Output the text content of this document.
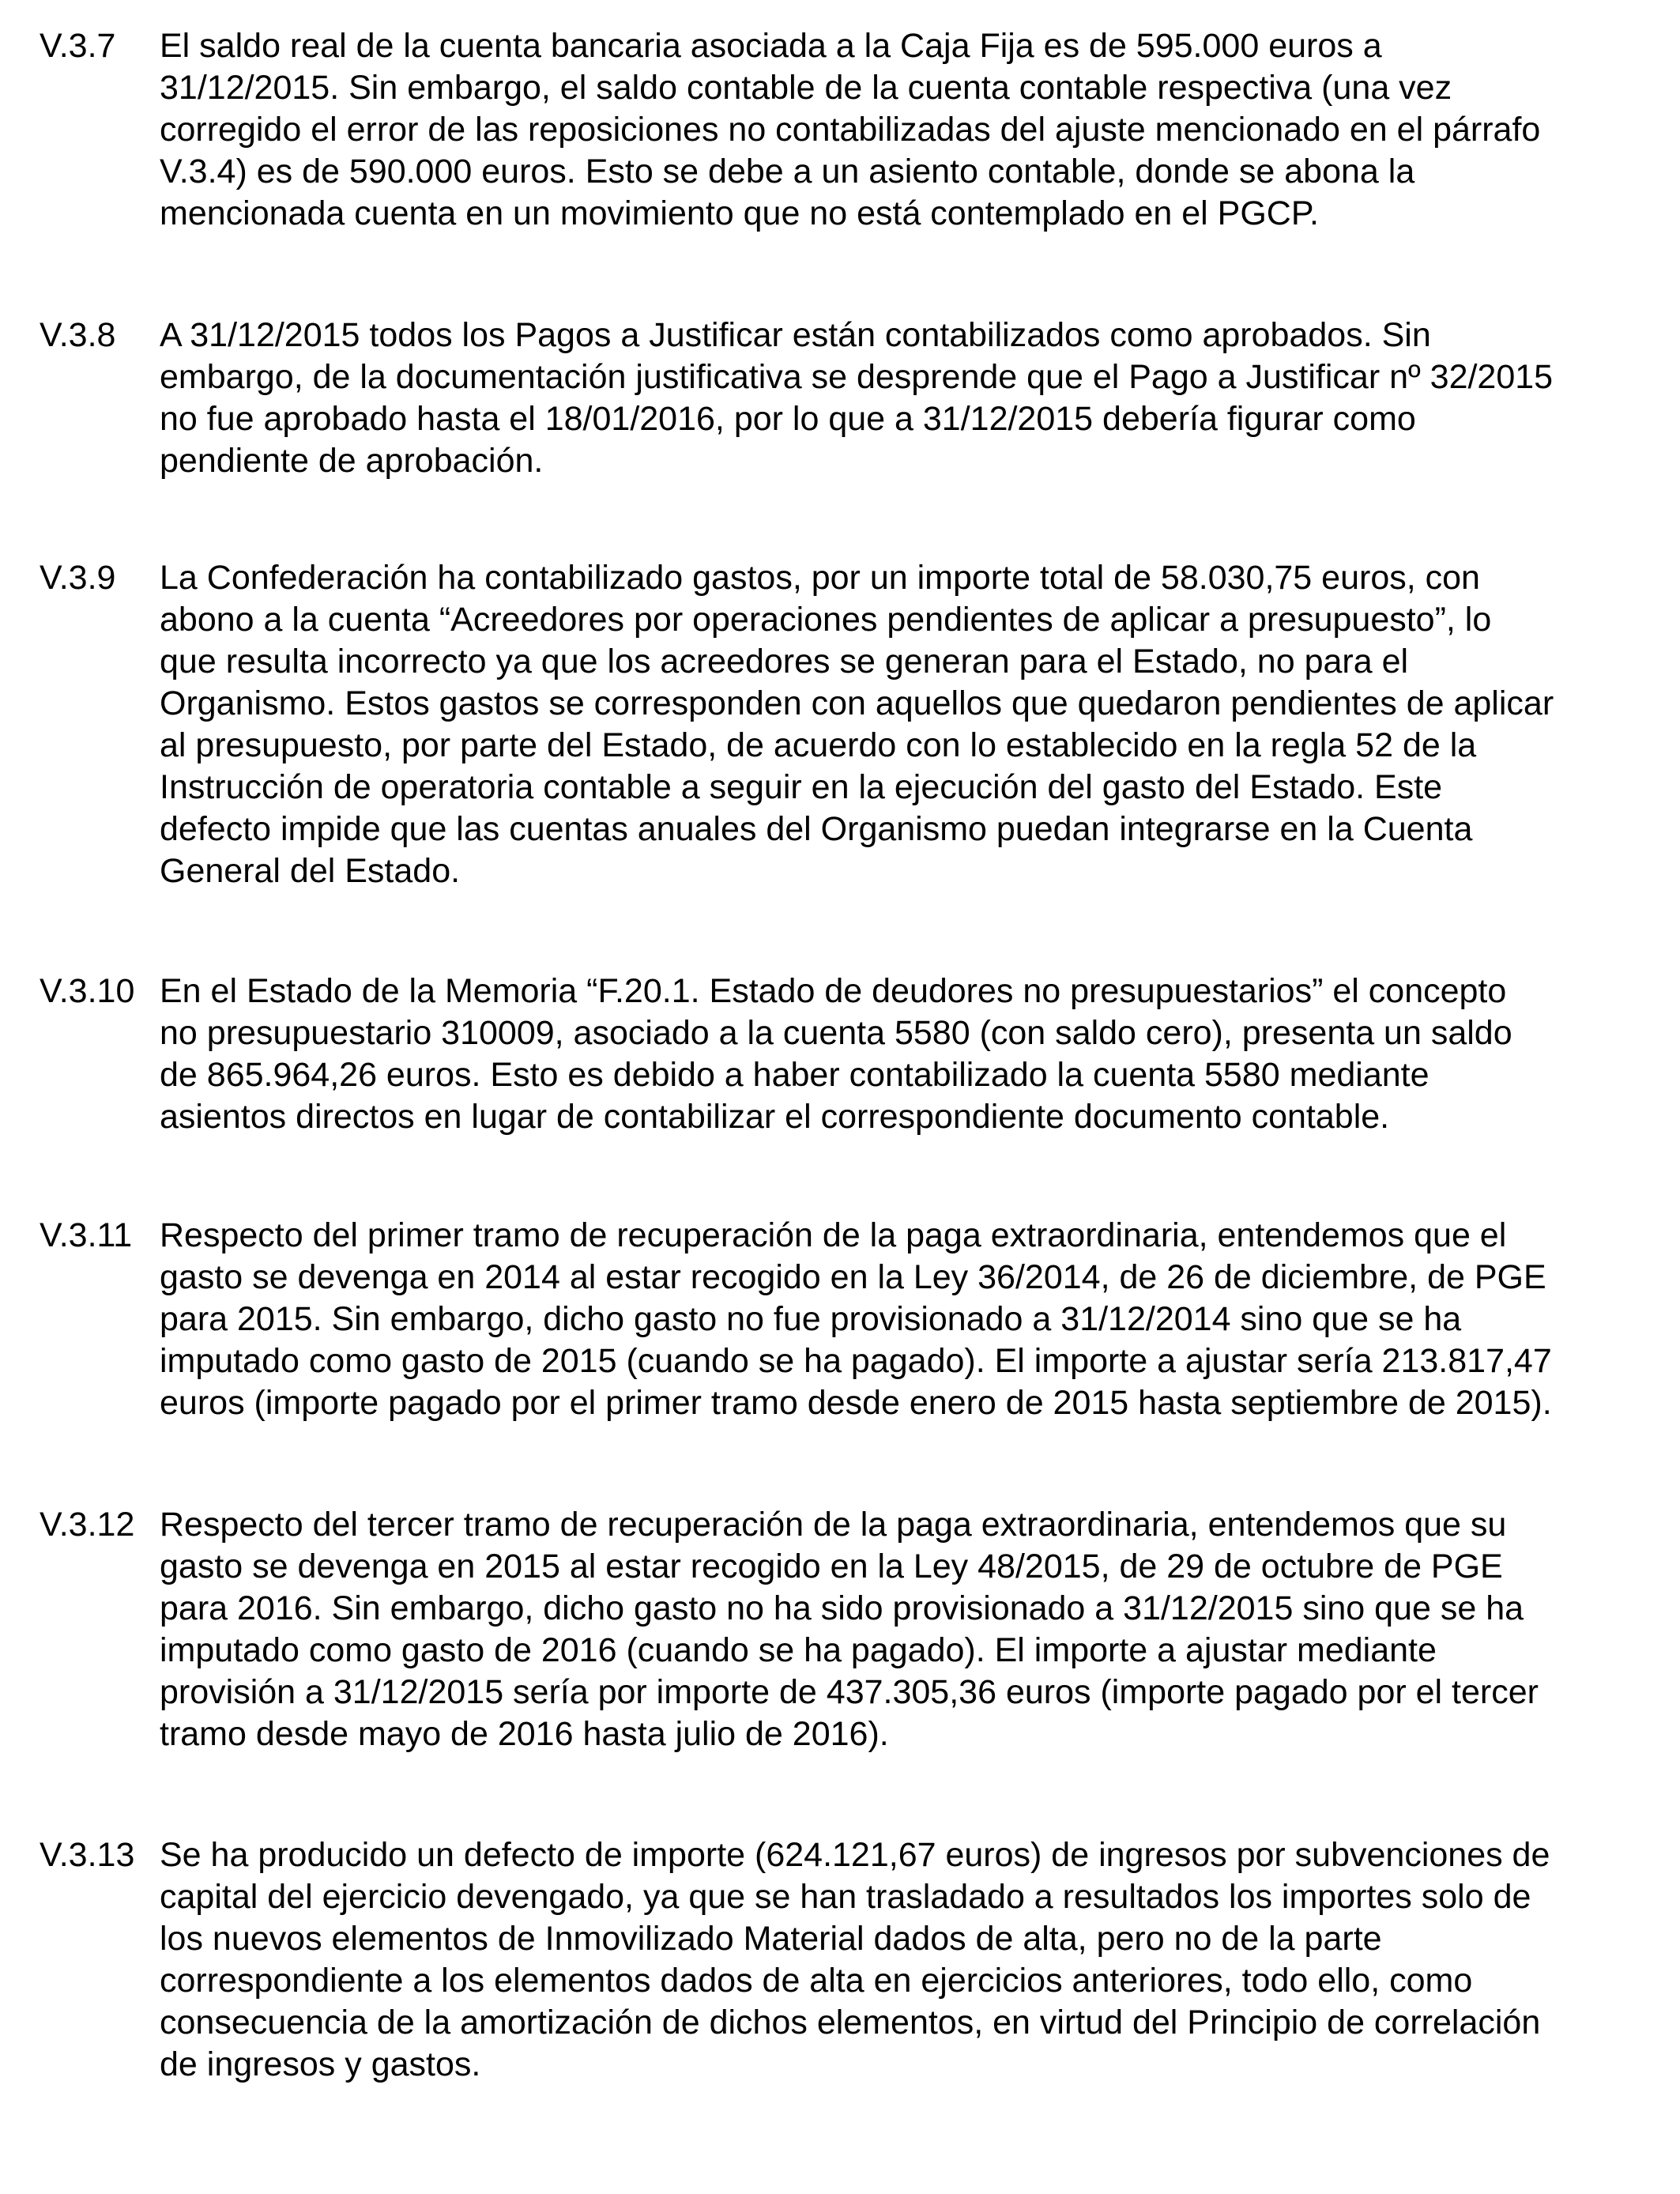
V.3.7	El saldo real de la cuenta bancaria asociada a la Caja Fija es de 595.000 euros a
31/12/2015. Sin embargo, el saldo contable de la cuenta contable respectiva (una vez
corregido el error de las reposiciones no contabilizadas del ajuste mencionado en el párrafo
V.3.4) es de 590.000 euros. Esto se debe a un asiento contable, donde se abona la
mencionada cuenta en un movimiento que no está contemplado en el PGCP.
V.3.8	A 31/12/2015 todos los Pagos a Justificar están contabilizados como aprobados. Sin
embargo, de la documentación justificativa se desprende que el Pago a Justificar nº 32/2015
no fue aprobado hasta el 18/01/2016, por lo que a 31/12/2015 debería figurar como
pendiente de aprobación.
V.3.9	La Confederación ha contabilizado gastos, por un importe total de 58.030,75 euros, con
abono a la cuenta “Acreedores por operaciones pendientes de aplicar a presupuesto”, lo
que resulta incorrecto ya que los acreedores se generan para el Estado, no para el
Organismo. Estos gastos se corresponden con aquellos que quedaron pendientes de aplicar
al presupuesto, por parte del Estado, de acuerdo con lo establecido en la regla 52 de la
Instrucción de operatoria contable a seguir en la ejecución del gasto del Estado. Este
defecto impide que las cuentas anuales del Organismo puedan integrarse en la Cuenta
General del Estado.
V.3.10 En el Estado de la Memoria “F.20.1. Estado de deudores no presupuestarios” el concepto
no presupuestario 310009, asociado a la cuenta 5580 (con saldo cero), presenta un saldo
de 865.964,26 euros. Esto es debido a haber contabilizado la cuenta 5580 mediante
asientos directos en lugar de contabilizar el correspondiente documento contable.
V.3.11 Respecto del primer tramo de recuperación de la paga extraordinaria, entendemos que el
gasto se devenga en 2014 al estar recogido en la Ley 36/2014, de 26 de diciembre, de PGE
para 2015. Sin embargo, dicho gasto no fue provisionado a 31/12/2014 sino que se ha
imputado como gasto de 2015 (cuando se ha pagado). El importe a ajustar sería 213.817,47
euros (importe pagado por el primer tramo desde enero de 2015 hasta septiembre de 2015).
V.3.12 Respecto del tercer tramo de recuperación de la paga extraordinaria, entendemos que su
gasto se devenga en 2015 al estar recogido en la Ley 48/2015, de 29 de octubre de PGE
para 2016. Sin embargo, dicho gasto no ha sido provisionado a 31/12/2015 sino que se ha
imputado como gasto de 2016 (cuando se ha pagado). El importe a ajustar mediante
provisión a 31/12/2015 sería por importe de 437.305,36 euros (importe pagado por el tercer
tramo desde mayo de 2016 hasta julio de 2016).
V.3.13 Se ha producido un defecto de importe (624.121,67 euros) de ingresos por subvenciones de
capital del ejercicio devengado, ya que se han trasladado a resultados los importes solo de
los nuevos elementos de Inmovilizado Material dados de alta, pero no de la parte
correspondiente a los elementos dados de alta en ejercicios anteriores, todo ello, como
consecuencia de la amortización de dichos elementos, en virtud del Principio de correlación
de ingresos y gastos.
